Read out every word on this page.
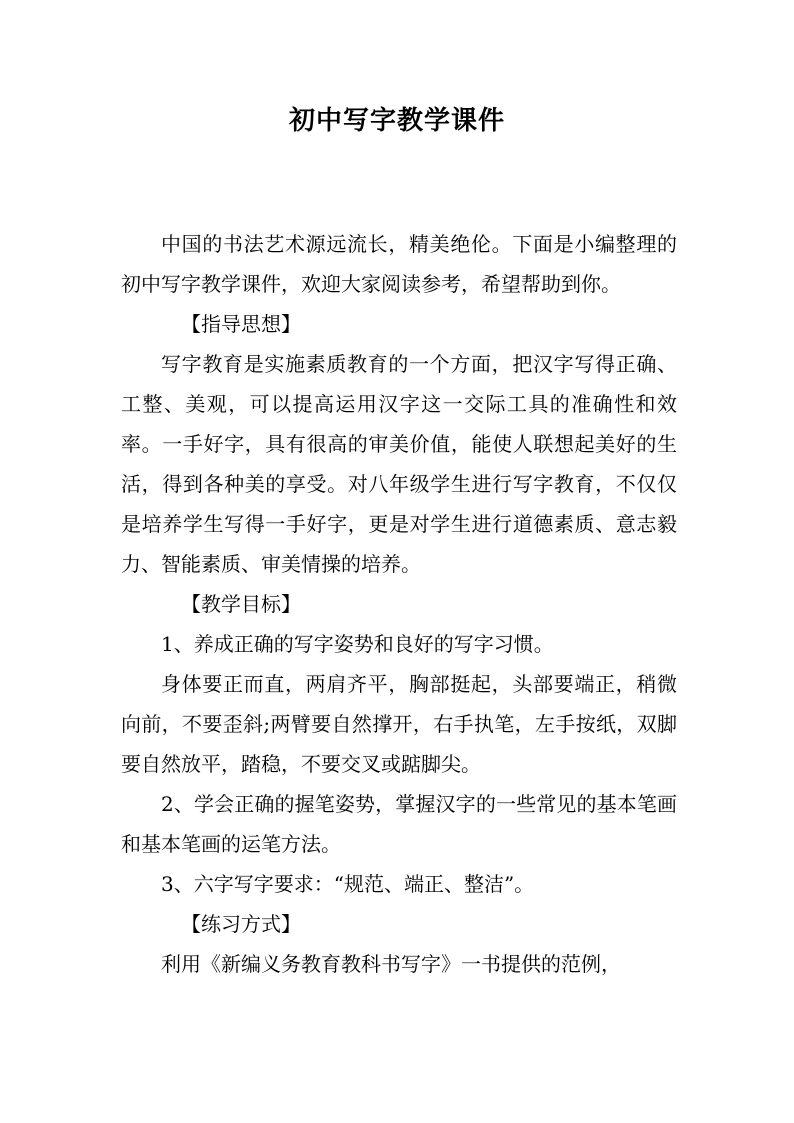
初中写字教学课件

中国的书法艺术源远流长，精美绝伦。下面是小编整理的初中写字教学课件，欢迎大家阅读参考，希望帮助到你。

【指导思想】

写字教育是实施素质教育的一个方面，把汉字写得正确、工整、美观，可以提高运用汉字这一交际工具的准确性和效率。一手好字，具有很高的审美价值，能使人联想起美好的生活，得到各种美的享受。对八年级学生进行写字教育，不仅仅是培养学生写得一手好字，更是对学生进行道德素质、意志毅力、智能素质、审美情操的培养。

【教学目标】

1、养成正确的写字姿势和良好的写字习惯。

身体要正而直，两肩齐平，胸部挺起，头部要端正，稍微向前，不要歪斜;两臂要自然撑开，右手执笔，左手按纸，双脚要自然放平，踏稳，不要交叉或踮脚尖。

2、学会正确的握笔姿势，掌握汉字的一些常见的基本笔画和基本笔画的运笔方法。

3、六字写字要求：“规范、端正、整洁”。

【练习方式】

利用《新编义务教育教科书写字》一书提供的范例，
